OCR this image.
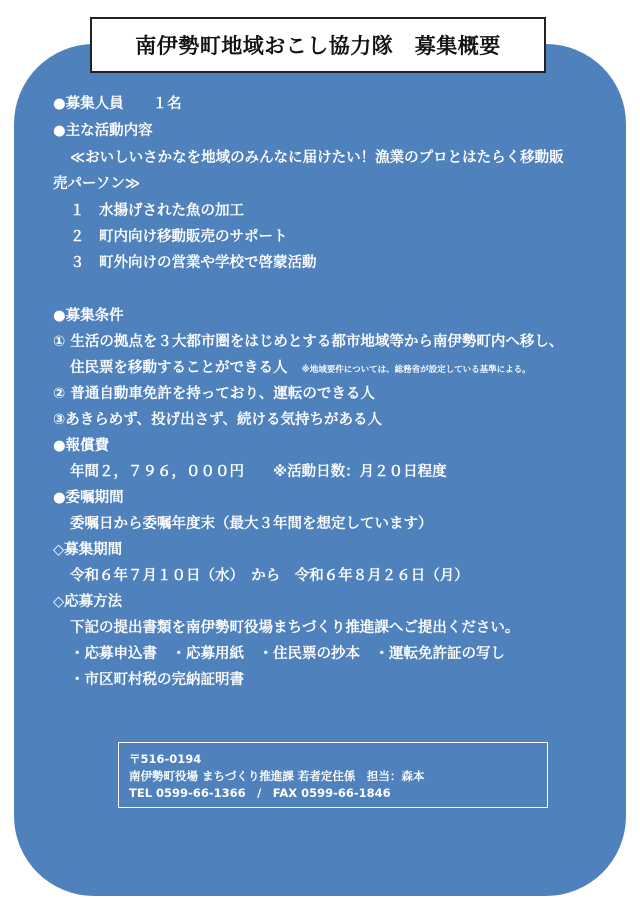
南伊勢町地域おこし協力隊　募集概要
●募集人員　　１名
●主な活動内容
≪おいしいさかなを地域のみんなに届けたい！漁業のプロとはたらく移動販
売パーソン≫
１　水揚げされた魚の加工
２　町内向け移動販売のサポート
３　町外向けの営業や学校で啓蒙活動
●募集条件
① 生活の拠点を３大都市圏をはじめとする都市地域等から南伊勢町内へ移し、
住民票を移動することができる人 ※地域要件については、総務省が設定している基準による。
② 普通自動車免許を持っており、運転のできる人
③あきらめず、投げ出さず、続ける気持ちがある人
●報償費
年間２，７９６，０００円　　※活動日数：月２０日程度
●委嘱期間
委嘱日から委嘱年度末（最大３年間を想定しています）
◇募集期間
令和６年７月１０日（水）　から　令和６年８月２６日（月）
◇応募方法
下記の提出書類を南伊勢町役場まちづくり推進課へご提出ください。
・応募申込書　・応募用紙　・住民票の抄本　・運転免許証の写し
・市区町村税の完納証明書
〒516-0194
南伊勢町役場 まちづくり推進課 若者定住係　担当：森本
TEL 0599-66-1366　/　FAX 0599-66-1846
